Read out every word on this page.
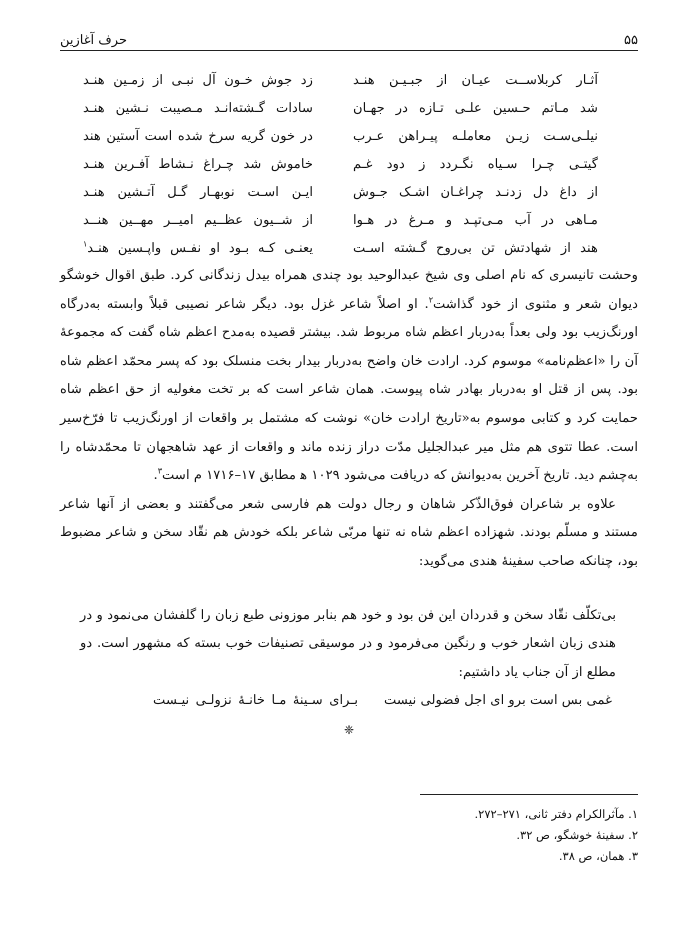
۵۵
حرف آغازین
آثـار کربلاســت عیـان از جبـیـن هنـد
زد جوش خـون آل نبـی از زمـین هنـد
شد مـاتم حـسین علـی تـازه در جهـان
سادات گـشته‌انـد مـصیبت نـشین هنـد
نیلـی‌سـت زیـن معاملـه پیـراهن عـرب
در خون گریه سرخ شده است آستین هند
گیتـی چـرا سـیاه نگـردد ز دود غـم
خاموش شد چـراغ نـشاط آفـرین هنـد
از داغ دل زدنـد چراغـان اشـک جـوش
ایـن اسـت نوبهـار گـل آتـشین هنـد
مـاهی در آب مـی‌تپـد و مـرغ در هـوا
از شــیون عظــیم امیــر مهــین هنــد
هند از شهادتش تن بی‌روح گـشته اسـت
یعنـی کـه بـود او نفـس واپـسین هنـد$^۱$

وحشت تانیسری که نام اصلی وی شیخ عبدالوحید بود چندی همراه بیدل زندگانی کرد. طبق اقوال خوشگو دیوان شعر و مثنوی از خود گذاشت$^۲$. او اصلاً شاعر غزل بود. دیگر شاعر نصیبی قبلاً وابسته به‌درگاه اورنگ‌زیب بود ولی بعداً به‌دربار اعظم شاه مربوط شد. بیشتر قصیده به‌مدح اعظم شاه گفت که مجموعهٔ آن را «اعظم‌نامه» موسوم کرد. ارادت خان واضح به‌دربار بیدار بخت منسلک بود که پسر محمّد اعظم شاه بود. پس از قتل او به‌دربار بهادر شاه پیوست. همان شاعر است که بر تخت مغولیه از حق اعظم شاه حمایت کرد و کتابی موسوم به«تاریخ ارادت خان» نوشت که مشتمل بر واقعات از اورنگ‌زیب تا فرّخ‌سیر است. عطا تتوی هم مثل میر عبدالجلیل مدّت دراز زنده ماند و واقعات از عهد شاهجهان تا محمّدشاه را به‌چشم دید. تاریخ آخرین به‌دیوانش که دریافت می‌شود ۱۰۲۹ ﻫ مطابق ۱۷–۱۷۱۶ م است$^۳$.

علاوه بر شاعران فوق‌الذّکر شاهان و رجال دولت هم فارسی شعر می‌گفتند و بعضی از آنها شاعر مستند و مسلّم بودند. شهزاده اعظم شاه نه تنها مربّی شاعر بلکه خودش هم نقّاد سخن و شاعر مضبوط بود، چنانکه صاحب سفینهٔ هندی می‌گوید:

بی‌تکلّف نقّاد سخن و قدردان این فن بود و خود هم بنابر موزونی طبع زبان را گلفشان می‌نمود و در هندی زبان اشعار خوب و رنگین می‌فرمود و در موسیقی تصنیفات خوب بسته که مشهور است. دو مطلع از آن جناب یاد داشتیم:
غمی بس است برو ای اجل فضولی نیست
بـرای سـینهٔ مـا خانـهٔ نزولـی نیـست
❈
۱. مآثرالکرام دفتر ثانی، ۲۷۱–۲۷۲.
۲. سفینهٔ خوشگو، ص ۳۲.
۳. همان، ص ۳۸.
